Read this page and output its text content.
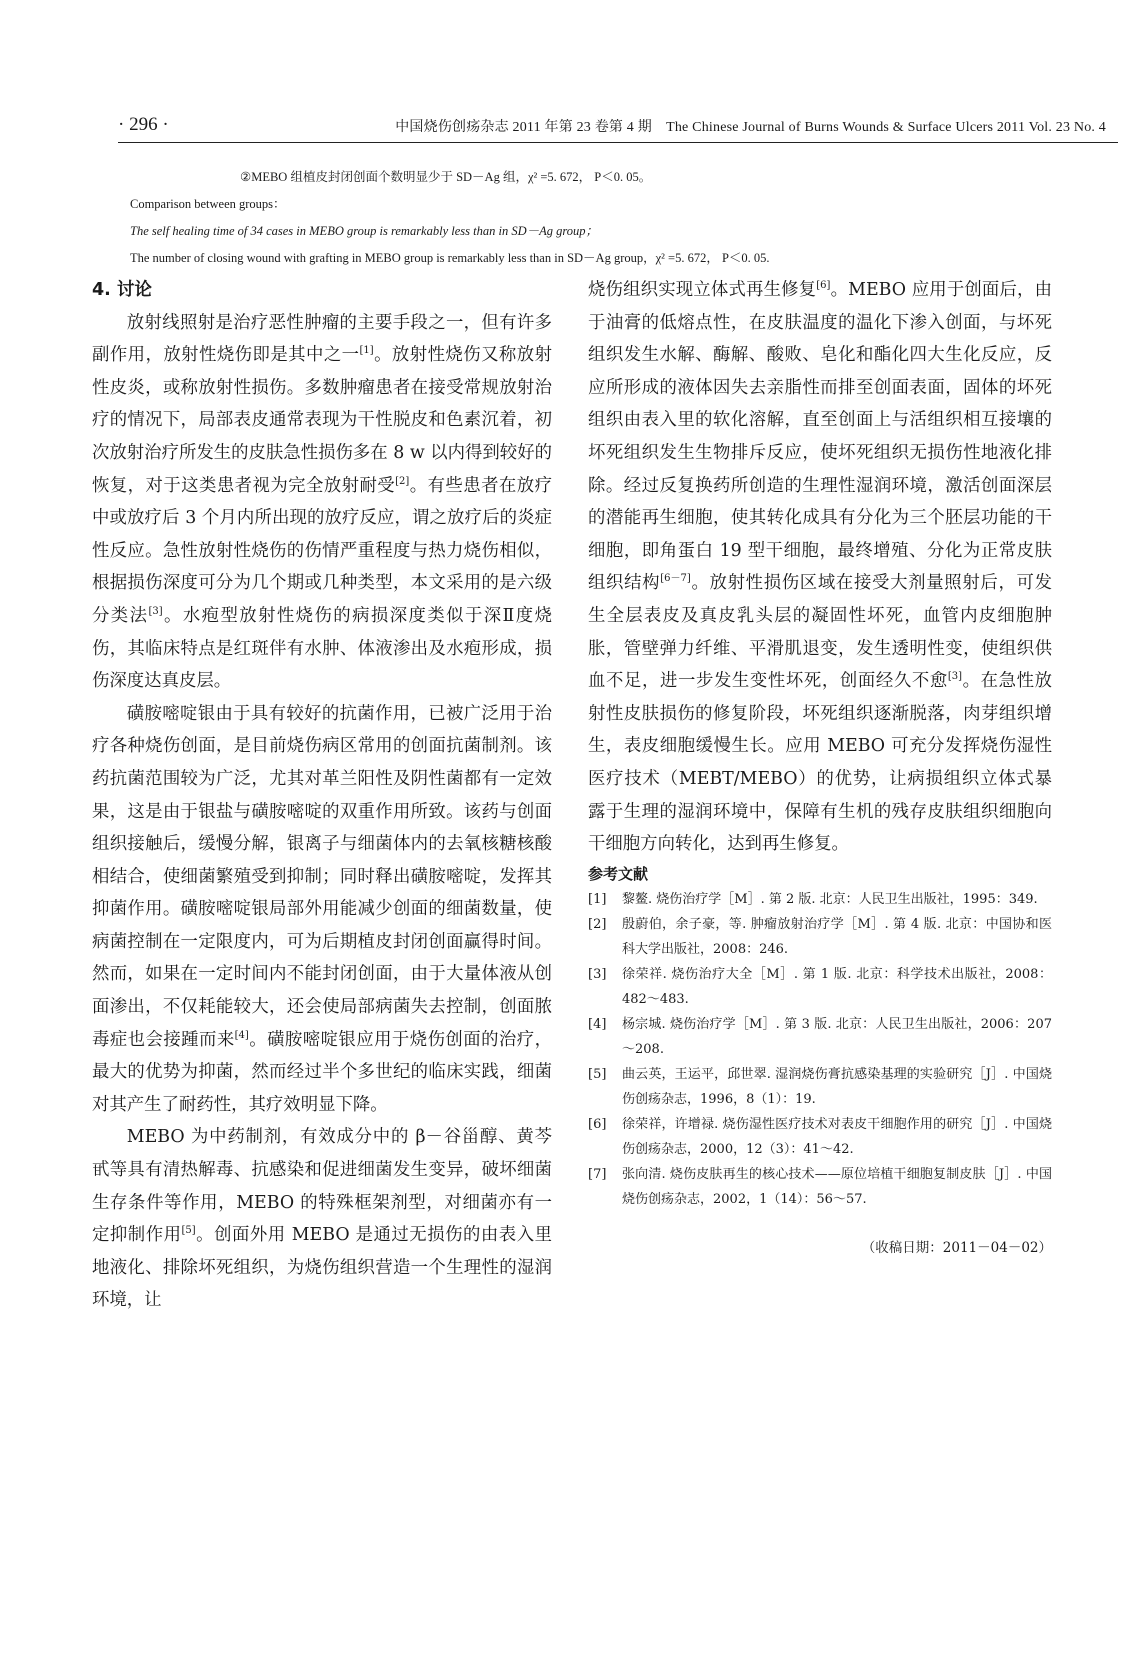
· 296 ·	中国烧伤创疡杂志 2011 年第 23 卷第 4 期　The Chinese Journal of Burns Wounds & Surface Ulcers 2011 Vol. 23 No. 4
②MEBO 组植皮封闭创面个数明显少于 SD－Ag 组，χ² =5. 672， P＜0. 05。
Comparison between groups：
The self healing time of 34 cases in MEBO group is remarkably less than in SD－Ag group；
The number of closing wound with grafting in MEBO group is remarkably less than in SD－Ag group，χ² =5. 672， P＜0. 05.

4. 讨论

放射线照射是治疗恶性肿瘤的主要手段之一，但有许多副作用，放射性烧伤即是其中之一[1]。放射性烧伤又称放射性皮炎，或称放射性损伤。多数肿瘤患者在接受常规放射治疗的情况下，局部表皮通常表现为干性脱皮和色素沉着，初次放射治疗所发生的皮肤急性损伤多在 8 w 以内得到较好的恢复，对于这类患者视为完全放射耐受[2]。有些患者在放疗中或放疗后 3 个月内所出现的放疗反应，谓之放疗后的炎症性反应。急性放射性烧伤的伤情严重程度与热力烧伤相似，根据损伤深度可分为几个期或几种类型，本文采用的是六级分类法[3]。水疱型放射性烧伤的病损深度类似于深Ⅱ度烧伤，其临床特点是红斑伴有水肿、体液渗出及水疱形成，损伤深度达真皮层。

磺胺嘧啶银由于具有较好的抗菌作用，已被广泛用于治疗各种烧伤创面，是目前烧伤病区常用的创面抗菌制剂。该药抗菌范围较为广泛，尤其对革兰阳性及阴性菌都有一定效果，这是由于银盐与磺胺嘧啶的双重作用所致。该药与创面组织接触后，缓慢分解，银离子与细菌体内的去氧核糖核酸相结合，使细菌繁殖受到抑制；同时释出磺胺嘧啶，发挥其抑菌作用。磺胺嘧啶银局部外用能减少创面的细菌数量，使病菌控制在一定限度内，可为后期植皮封闭创面赢得时间。然而，如果在一定时间内不能封闭创面，由于大量体液从创面渗出，不仅耗能较大，还会使局部病菌失去控制，创面脓毒症也会接踵而来[4]。磺胺嘧啶银应用于烧伤创面的治疗，最大的优势为抑菌，然而经过半个多世纪的临床实践，细菌对其产生了耐药性，其疗效明显下降。

MEBO 为中药制剂，有效成分中的 β－谷甾醇、黄芩甙等具有清热解毒、抗感染和促进细菌发生变异，破坏细菌生存条件等作用，MEBO 的特殊框架剂型，对细菌亦有一定抑制作用[5]。创面外用 MEBO 是通过无损伤的由表入里地液化、排除坏死组织，为烧伤组织营造一个生理性的湿润环境，让

烧伤组织实现立体式再生修复[6]。MEBO 应用于创面后，由于油膏的低熔点性，在皮肤温度的温化下渗入创面，与坏死组织发生水解、酶解、酸败、皂化和酯化四大生化反应，反应所形成的液体因失去亲脂性而排至创面表面，固体的坏死组织由表入里的软化溶解，直至创面上与活组织相互接壤的坏死组织发生生物排斥反应，使坏死组织无损伤性地液化排除。经过反复换药所创造的生理性湿润环境，激活创面深层的潜能再生细胞，使其转化成具有分化为三个胚层功能的干细胞，即角蛋白 19 型干细胞，最终增殖、分化为正常皮肤组织结构[6－7]。放射性损伤区域在接受大剂量照射后，可发生全层表皮及真皮乳头层的凝固性坏死，血管内皮细胞肿胀，管壁弹力纤维、平滑肌退变，发生透明性变，使组织供血不足，进一步发生变性坏死，创面经久不愈[3]。在急性放射性皮肤损伤的修复阶段，坏死组织逐渐脱落，肉芽组织增生，表皮细胞缓慢生长。应用 MEBO 可充分发挥烧伤湿性医疗技术（MEBT/MEBO）的优势，让病损组织立体式暴露于生理的湿润环境中，保障有生机的残存皮肤组织细胞向干细胞方向转化，达到再生修复。

参考文献

[1]	黎鳌. 烧伤治疗学［M］. 第 2 版. 北京：人民卫生出版社，1995：349.
[2]	殷蔚伯，余子豪，等. 肿瘤放射治疗学［M］. 第 4 版. 北京：中国协和医科大学出版社，2008：246.
[3]	徐荣祥. 烧伤治疗大全［M］. 第 1 版. 北京：科学技术出版社，2008：482～483.
[4]	杨宗城. 烧伤治疗学［M］. 第 3 版. 北京：人民卫生出版社，2006：207～208.
[5]	曲云英，王运平，邱世翠. 湿润烧伤膏抗感染基理的实验研究［J］. 中国烧伤创疡杂志，1996，8（1）：19.
[6]	徐荣祥，许增禄. 烧伤湿性医疗技术对表皮干细胞作用的研究［J］. 中国烧伤创疡杂志，2000，12（3）：41～42.
[7]	张向清. 烧伤皮肤再生的核心技术——原位培植干细胞复制皮肤［J］. 中国烧伤创疡杂志，2002，1（14）：56～57.
（收稿日期：2011－04－02）
